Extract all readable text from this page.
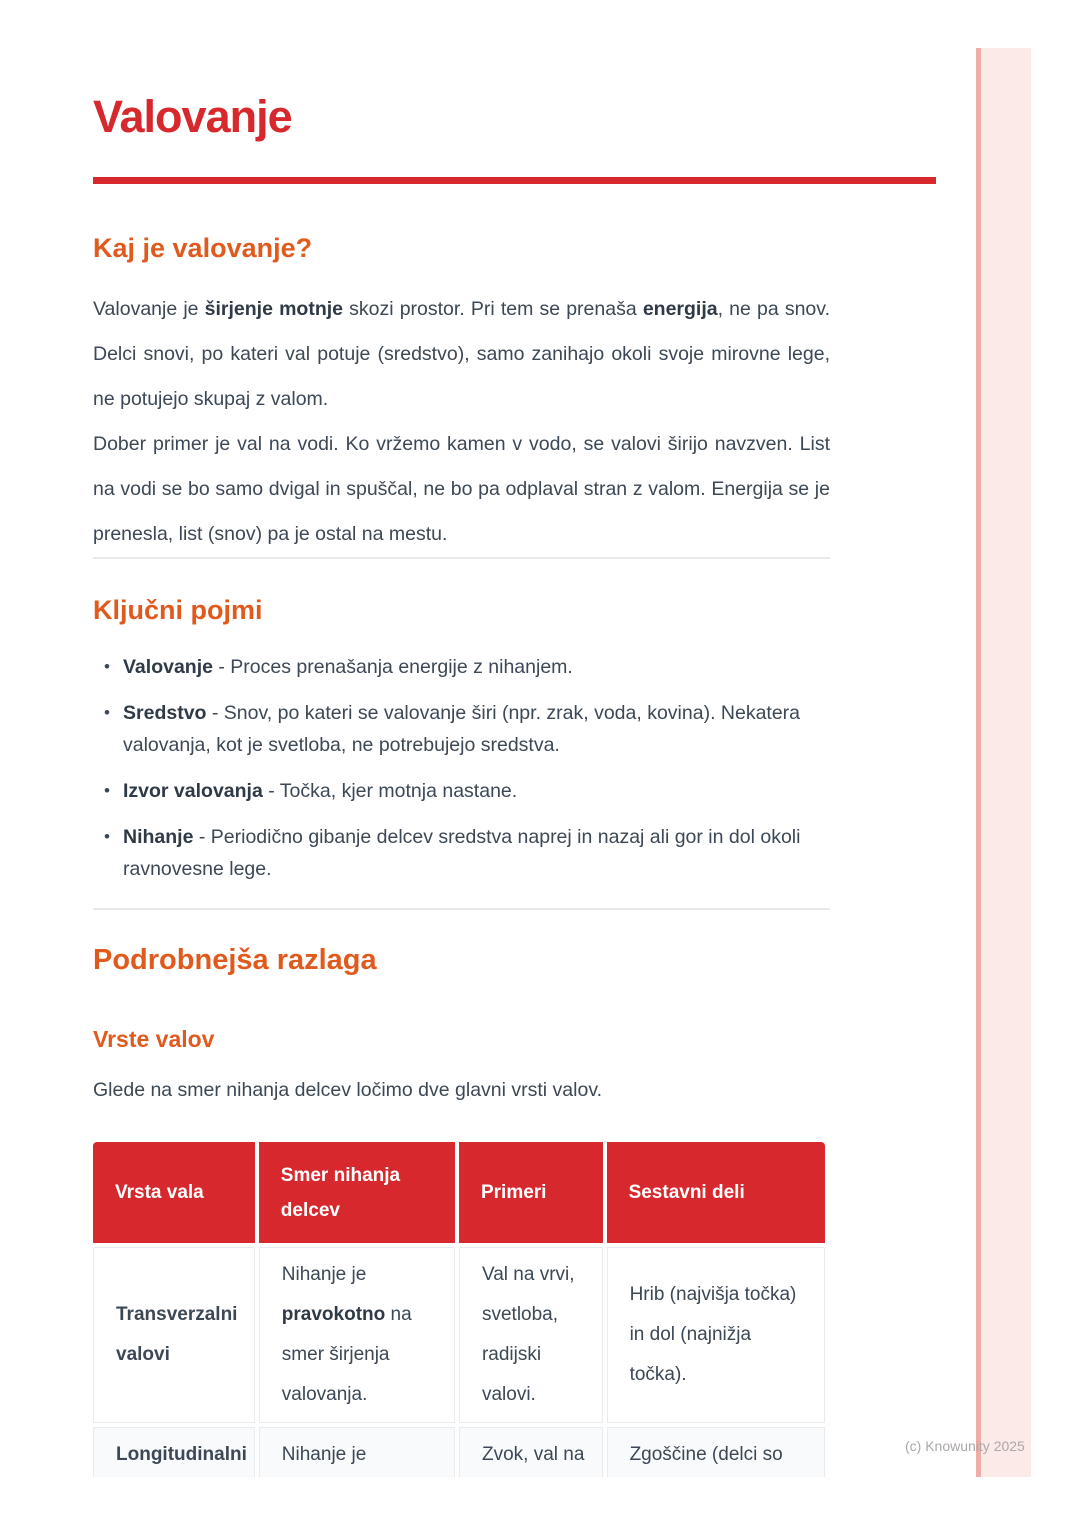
Valovanje
Kaj je valovanje?

Valovanje je širjenje motnje skozi prostor. Pri tem se prenaša energija, ne pa snov. Delci snovi, po kateri val potuje (sredstvo), samo zanihajo okoli svoje mirovne lege, ne potujejo skupaj z valom.

Dober primer je val na vodi. Ko vržemo kamen v vodo, se valovi širijo navzven. List na vodi se bo samo dvigal in spuščal, ne bo pa odplaval stran z valom. Energija se je prenesla, list (snov) pa je ostal na mestu.

Ključni pojmi
• Valovanje - Proces prenašanja energije z nihanjem.
• Sredstvo - Snov, po kateri se valovanje širi (npr. zrak, voda, kovina). Nekatera valovanja, kot je svetloba, ne potrebujejo sredstva.
• Izvor valovanja - Točka, kjer motnja nastane.
• Nihanje - Periodično gibanje delcev sredstva naprej in nazaj ali gor in dol okoli ravnovesne lege.
Podrobnejša razlaga
Vrste valov

Glede na smer nihanja delcev ločimo dve glavni vrsti valov.

Vrsta vala	Smer nihanja delcev	Primeri	Sestavni deli
Transverzalni valovi	Nihanje je pravokotno na smer širjenja valovanja.	Val na vrvi, svetloba, radijski valovi.	Hrib (najvišja točka) in dol (najnižja točka).
Longitudinalni	Nihanje je	Zvok, val na	Zgoščine (delci so	(c) Knowunity 2025
